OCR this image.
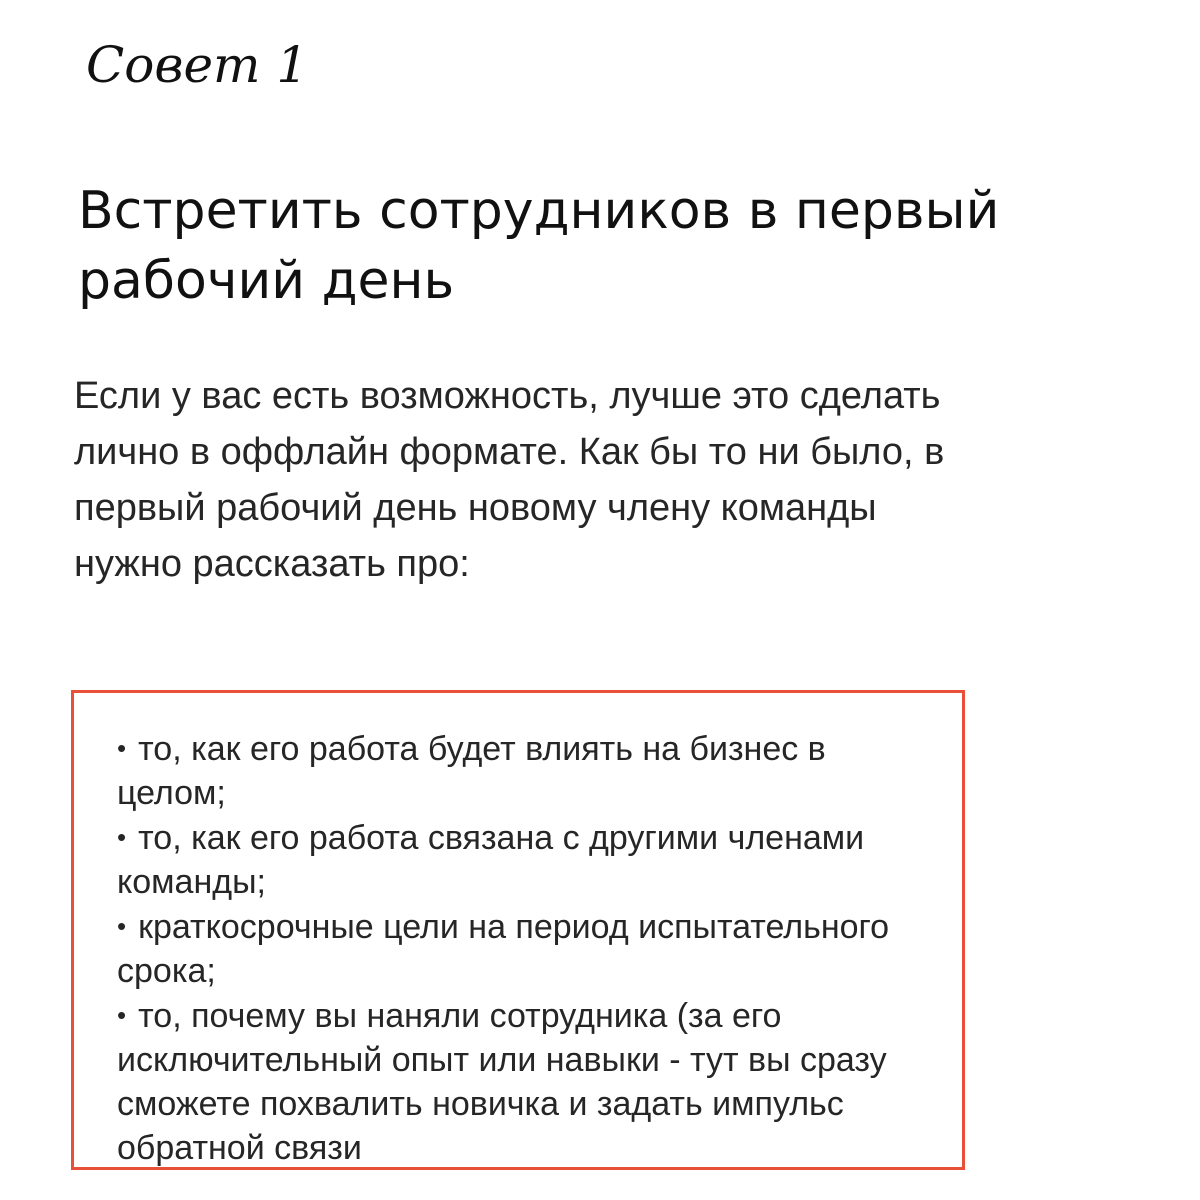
Совет 1
Встретить сотрудников в первый
рабочий день

Если у вас есть возможность, лучше это сделать
лично в оффлайн формате. Как бы то ни было, в
первый рабочий день новому члену команды
нужно рассказать про:

• то, как его работа будет влиять на бизнес в
целом;
• то, как его работа связана с другими членами
команды;
• краткосрочные цели на период испытательного
срока;
• то, почему вы наняли сотрудника (за его
исключительный опыт или навыки - тут вы сразу
сможете похвалить новичка и задать импульс
обратной связи
